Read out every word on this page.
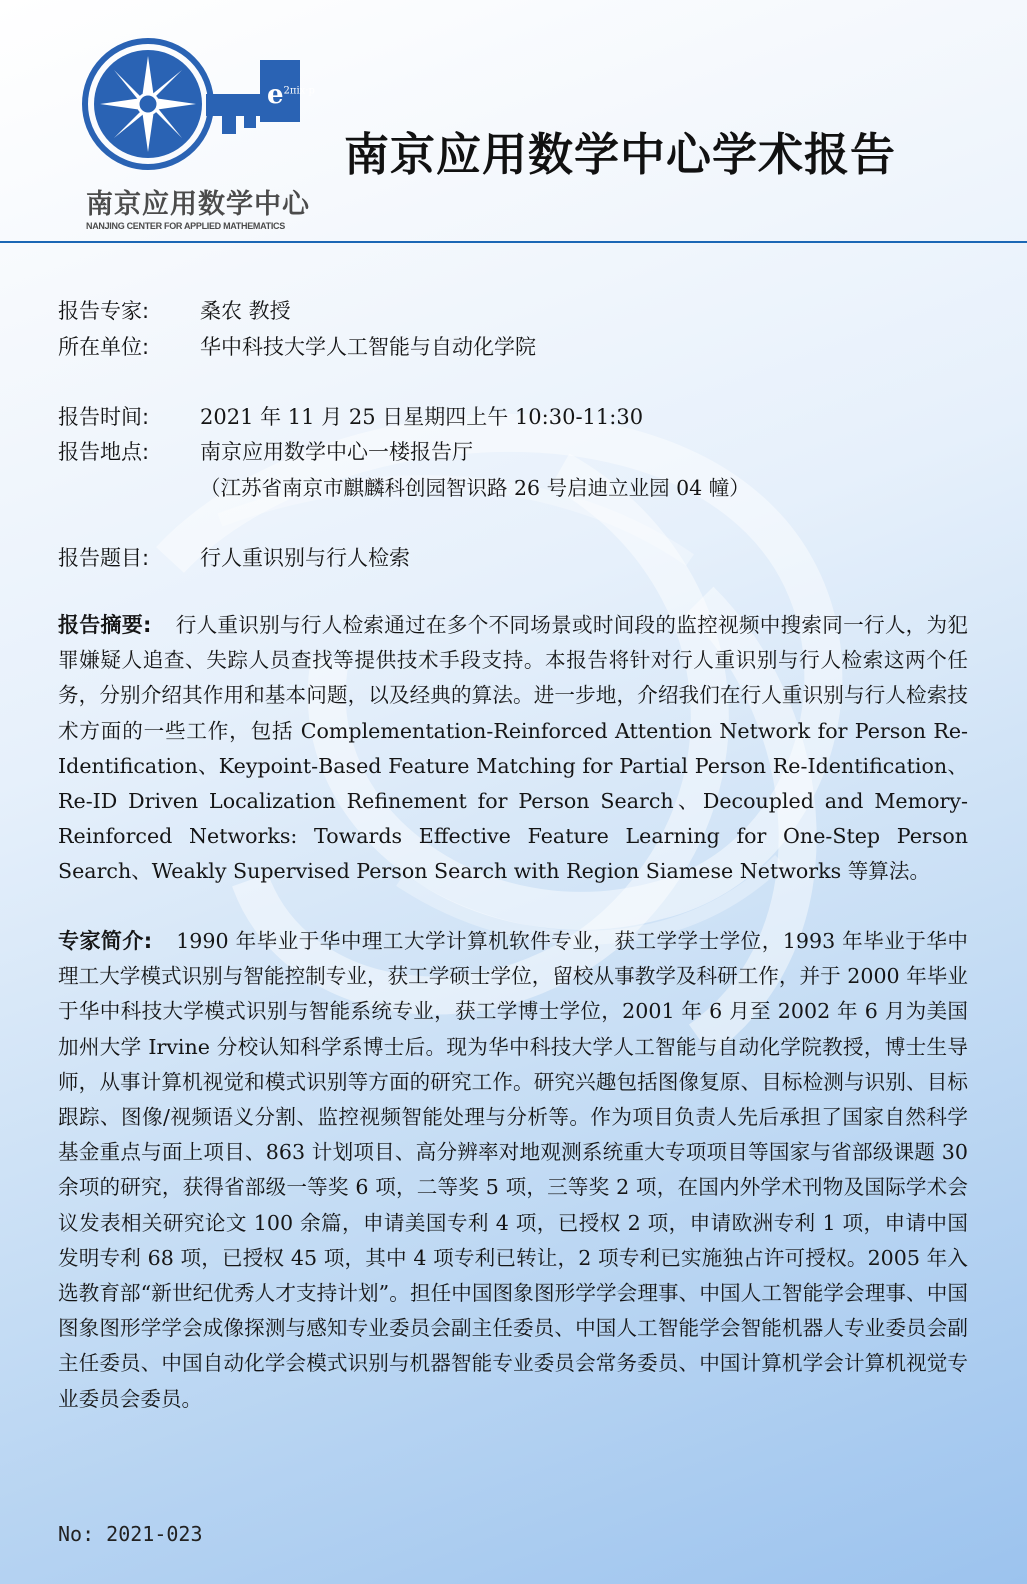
$e^{2\pi ix\cdot p}$
南京应用数学中心
NANJING CENTER FOR APPLIED MATHEMATICS
南京应用数学中心学术报告
报告专家: 桑农 教授
所在单位: 华中科技大学人工智能与自动化学院
报告时间: 2021 年 11 月 25 日星期四上午 10:30-11:30
报告地点: 南京应用数学中心一楼报告厅
（江苏省南京市麒麟科创园智识路 26 号启迪立业园 04 幢）
报告题目: 行人重识别与行人检索
报告摘要: 行人重识别与行人检索通过在多个不同场景或时间段的监控视频中搜索同一行人，为犯罪嫌疑人追查、失踪人员查找等提供技术手段支持。本报告将针对行人重识别与行人检索这两个任务，分别介绍其作用和基本问题，以及经典的算法。进一步地，介绍我们在行人重识别与行人检索技术方面的一些工作，包括 Complementation-Reinforced Attention Network for Person Re-Identification、Keypoint-Based Feature Matching for Partial Person Re-Identification、Re-ID Driven Localization Refinement for Person Search、Decoupled and Memory-Reinforced Networks: Towards Effective Feature Learning for One-Step Person Search、Weakly Supervised Person Search with Region Siamese Networks 等算法。
专家简介: 1990 年毕业于华中理工大学计算机软件专业，获工学学士学位，1993 年毕业于华中理工大学模式识别与智能控制专业，获工学硕士学位，留校从事教学及科研工作，并于 2000 年毕业于华中科技大学模式识别与智能系统专业，获工学博士学位，2001 年 6 月至 2002 年 6 月为美国加州大学 Irvine 分校认知科学系博士后。现为华中科技大学人工智能与自动化学院教授，博士生导师，从事计算机视觉和模式识别等方面的研究工作。研究兴趣包括图像复原、目标检测与识别、目标跟踪、图像/视频语义分割、监控视频智能处理与分析等。作为项目负责人先后承担了国家自然科学基金重点与面上项目、863 计划项目、高分辨率对地观测系统重大专项项目等国家与省部级课题 30 余项的研究，获得省部级一等奖 6 项，二等奖 5 项，三等奖 2 项，在国内外学术刊物及国际学术会议发表相关研究论文 100 余篇，申请美国专利 4 项，已授权 2 项，申请欧洲专利 1 项，申请中国发明专利 68 项，已授权 45 项，其中 4 项专利已转让，2 项专利已实施独占许可授权。2005 年入选教育部“新世纪优秀人才支持计划”。担任中国图象图形学学会理事、中国人工智能学会理事、中国图象图形学学会成像探测与感知专业委员会副主任委员、中国人工智能学会智能机器人专业委员会副主任委员、中国自动化学会模式识别与机器智能专业委员会常务委员、中国计算机学会计算机视觉专业委员会委员。
No: 2021-023
